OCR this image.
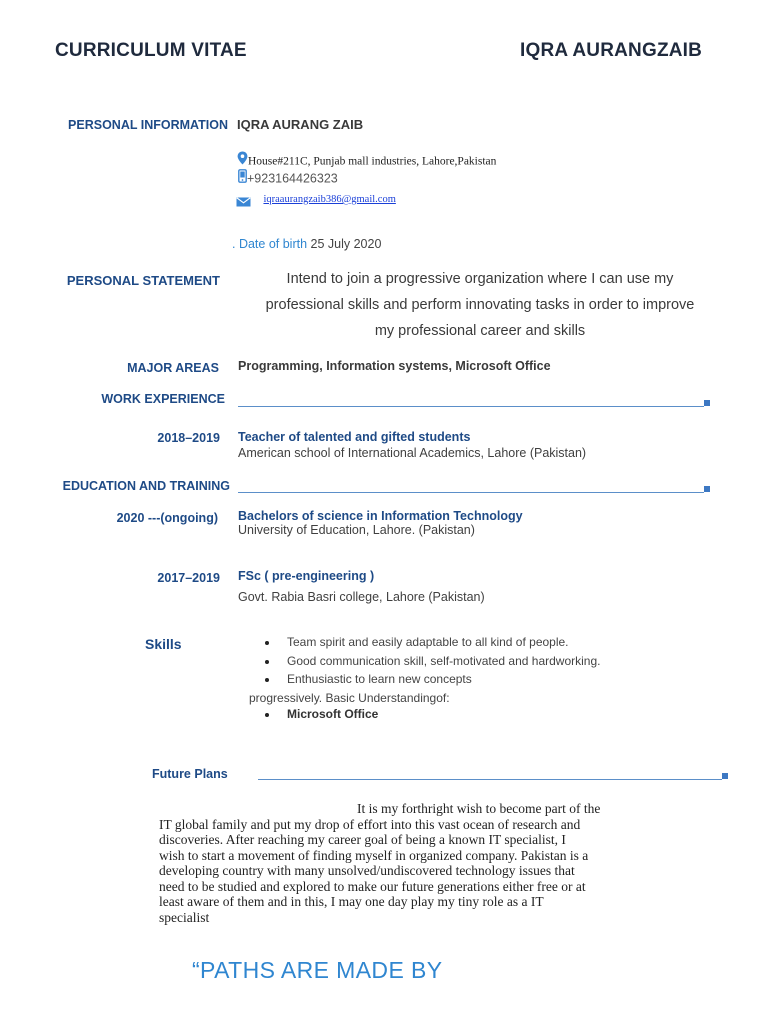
CURRICULUM VITAE	IQRA AURANGZAIB
PERSONAL INFORMATION IQRA AURANG ZAIB
House#211C, Punjab mall industries, Lahore,Pakistan
+923164426323
$^{iqraaurangzaib386@gmail.com}$
. Date of birth 25 July 2020
PERSONAL STATEMENT	Intend to join a progressive organization where I can use my
professional skills and perform innovating tasks in order to improve
my professional career and skills
MAJOR AREAS Programming, Information systems, Microsoft Office
WORK EXPERIENCE
2018–2019 Teacher of talented and gifted students
American school of International Academics, Lahore (Pakistan)
EDUCATION AND TRAINING
2020 ---(ongoing) Bachelors of science in Information Technology
University of Education, Lahore. (Pakistan)
2017–2019 FSc ( pre-engineering )
Govt. Rabia Basri college, Lahore (Pakistan)
Skills	Team spirit and easily adaptable to all kind of people.
Good communication skill, self-motivated and hardworking.
Enthusiastic to learn new concepts
progressively. Basic Understandingof:
Microsoft Office
Future Plans
It is my forthright wish to become part of the
IT global family and put my drop of effort into this vast ocean of research and
discoveries. After reaching my career goal of being a known IT specialist, I
wish to start a movement of finding myself in organized company. Pakistan is a
developing country with many unsolved/undiscovered technology issues that
need to be studied and explored to make our future generations either free or at
least aware of them and in this, I may one day play my tiny role as a IT
specialist
“PATHS ARE MADE BY
